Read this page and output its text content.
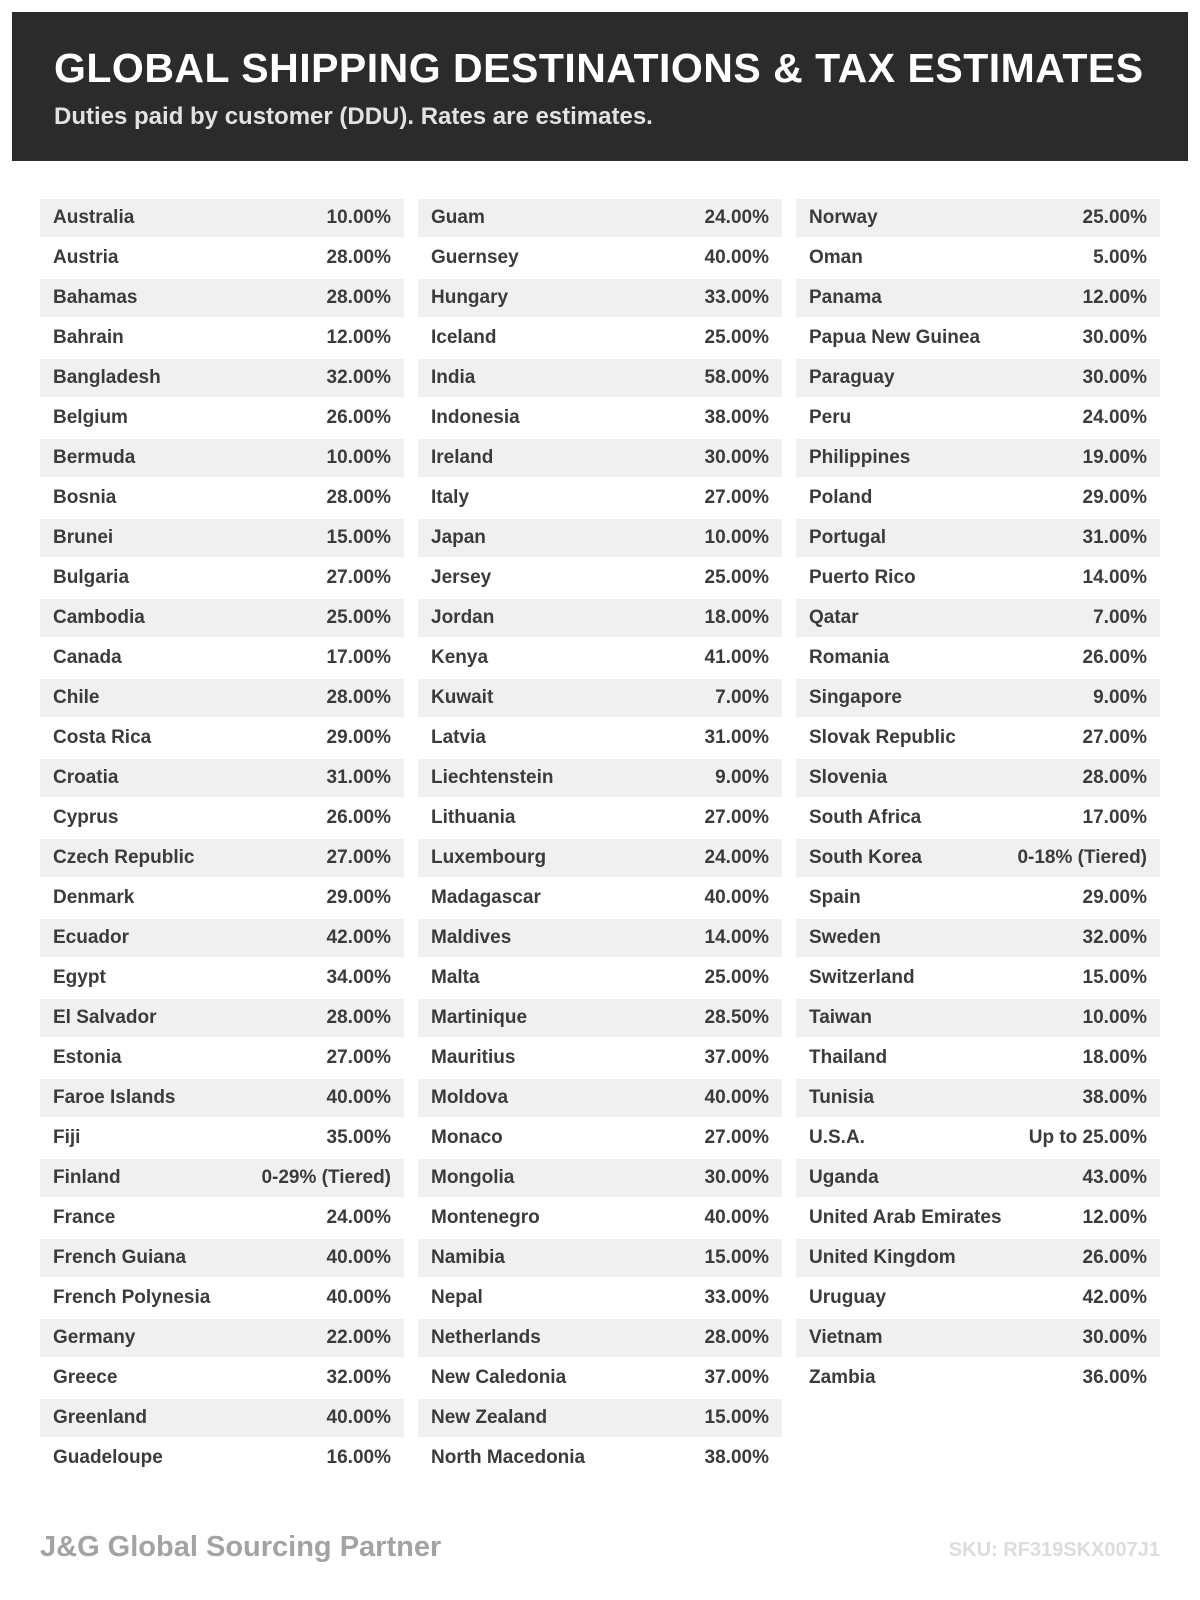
GLOBAL SHIPPING DESTINATIONS & TAX ESTIMATES
Duties paid by customer (DDU). Rates are estimates.
Australia	10.00%
Austria	28.00%
Bahamas	28.00%
Bahrain	12.00%
Bangladesh	32.00%
Belgium	26.00%
Bermuda	10.00%
Bosnia	28.00%
Brunei	15.00%
Bulgaria	27.00%
Cambodia	25.00%
Canada	17.00%
Chile	28.00%
Costa Rica	29.00%
Croatia	31.00%
Cyprus	26.00%
Czech Republic	27.00%
Denmark	29.00%
Ecuador	42.00%
Egypt	34.00%
El Salvador	28.00%
Estonia	27.00%
Faroe Islands	40.00%
Fiji	35.00%
Finland	0-29% (Tiered)
France	24.00%
French Guiana	40.00%
French Polynesia	40.00%
Germany	22.00%
Greece	32.00%
Greenland	40.00%
Guadeloupe	16.00%
Guam	24.00%
Guernsey	40.00%
Hungary	33.00%
Iceland	25.00%
India	58.00%
Indonesia	38.00%
Ireland	30.00%
Italy	27.00%
Japan	10.00%
Jersey	25.00%
Jordan	18.00%
Kenya	41.00%
Kuwait	7.00%
Latvia	31.00%
Liechtenstein	9.00%
Lithuania	27.00%
Luxembourg	24.00%
Madagascar	40.00%
Maldives	14.00%
Malta	25.00%
Martinique	28.50%
Mauritius	37.00%
Moldova	40.00%
Monaco	27.00%
Mongolia	30.00%
Montenegro	40.00%
Namibia	15.00%
Nepal	33.00%
Netherlands	28.00%
New Caledonia	37.00%
New Zealand	15.00%
North Macedonia	38.00%
Norway	25.00%
Oman	5.00%
Panama	12.00%
Papua New Guinea	30.00%
Paraguay	30.00%
Peru	24.00%
Philippines	19.00%
Poland	29.00%
Portugal	31.00%
Puerto Rico	14.00%
Qatar	7.00%
Romania	26.00%
Singapore	9.00%
Slovak Republic	27.00%
Slovenia	28.00%
South Africa	17.00%
South Korea	0-18% (Tiered)
Spain	29.00%
Sweden	32.00%
Switzerland	15.00%
Taiwan	10.00%
Thailand	18.00%
Tunisia	38.00%
U.S.A.	Up to 25.00%
Uganda	43.00%
United Arab Emirates	12.00%
United Kingdom	26.00%
Uruguay	42.00%
Vietnam	30.00%
Zambia	36.00%
J&G Global Sourcing Partner	SKU: RF319SKX007J1
